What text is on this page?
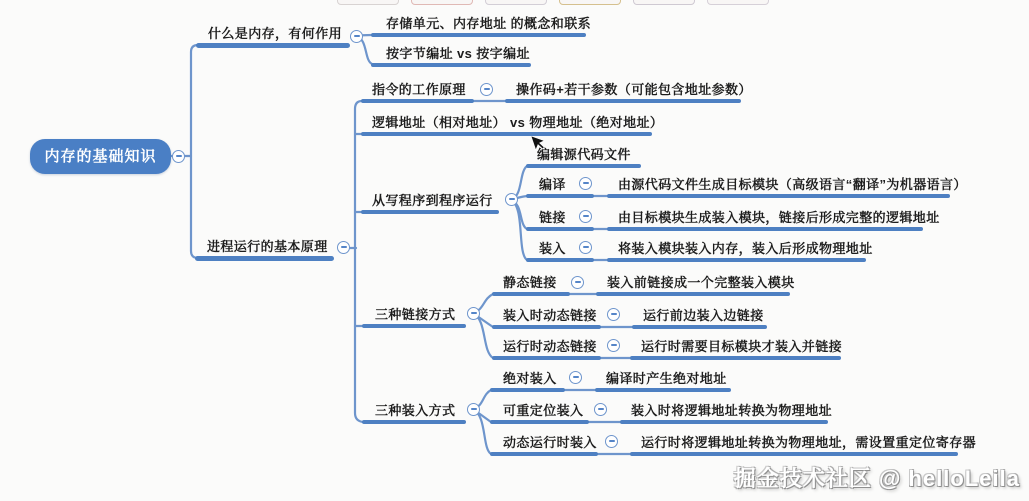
内存的基础知识
什么是内存，有何作用
进程运行的基本原理
存储单元、内存地址 的概念和联系
按字节编址 vs 按字编址
指令的工作原理	操作码+若干参数（可能包含地址参数）
逻辑地址（相对地址） vs 物理地址（绝对地址）
从写程序到程序运行
编辑源代码文件
编译	由源代码文件生成目标模块（高级语言“翻译”为机器语言）
链接	由目标模块生成装入模块，链接后形成完整的逻辑地址
装入	将装入模块装入内存，装入后形成物理地址
三种链接方式
静态链接	装入前链接成一个完整装入模块
装入时动态链接	运行前边装入边链接
运行时动态链接	运行时需要目标模块才装入并链接
三种装入方式
绝对装入	编译时产生绝对地址
可重定位装入	装入时将逻辑地址转换为物理地址
动态运行时装入	运行时将逻辑地址转换为物理地址，需设置重定位寄存器
掘金技术社区 @ helloLeila
